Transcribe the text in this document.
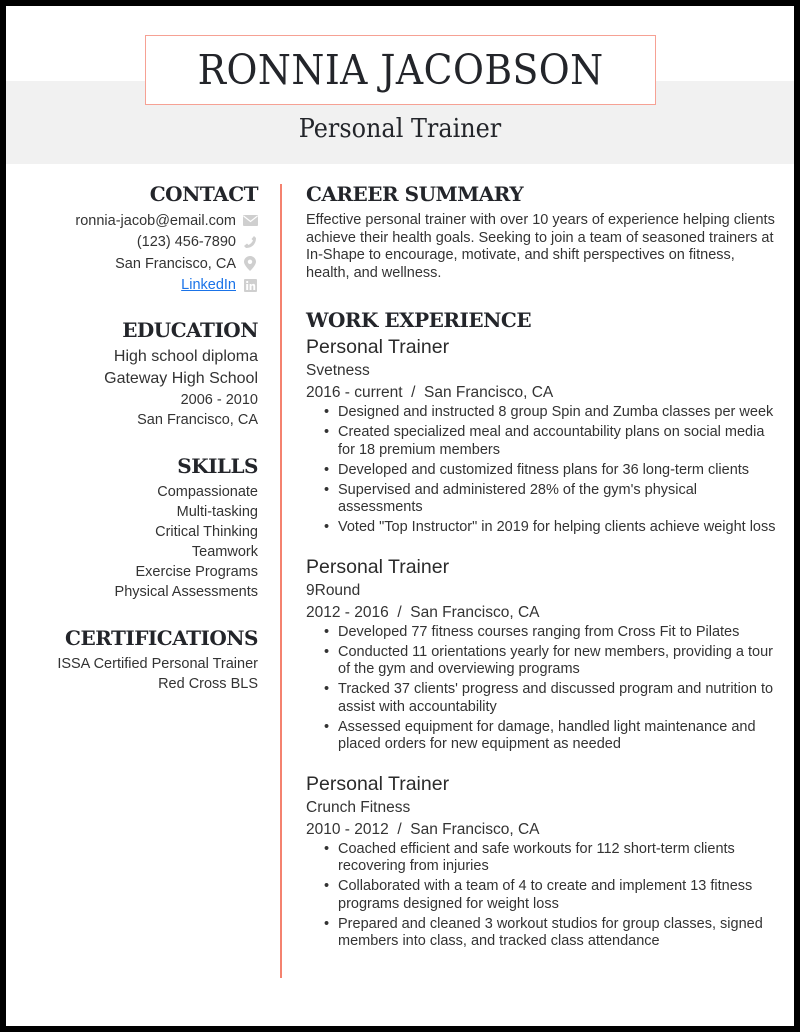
RONNIA JACOBSON
Personal Trainer
CONTACT
ronnia-jacob@email.com
(123) 456-7890
San Francisco, CA
LinkedIn
EDUCATION
High school diploma
Gateway High School
2006 - 2010
San Francisco, CA
SKILLS
Compassionate
Multi-tasking
Critical Thinking
Teamwork
Exercise Programs
Physical Assessments
CERTIFICATIONS
ISSA Certified Personal Trainer
Red Cross BLS
CAREER SUMMARY

Effective personal trainer with over 10 years of experience helping clients achieve their health goals. Seeking to join a team of seasoned trainers at In-Shape to encourage, motivate, and shift perspectives on fitness, health, and wellness.

WORK EXPERIENCE
Personal Trainer
Svetness
2016 - current  /  San Francisco, CA
• Designed and instructed 8 group Spin and Zumba classes per week
• Created specialized meal and accountability plans on social media for 18 premium members
• Developed and customized fitness plans for 36 long-term clients
• Supervised and administered 28% of the gym's physical assessments
• Voted "Top Instructor" in 2019 for helping clients achieve weight loss
Personal Trainer
9Round
2012 - 2016  /  San Francisco, CA
• Developed 77 fitness courses ranging from Cross Fit to Pilates
• Conducted 11 orientations yearly for new members, providing a tour of the gym and overviewing programs
• Tracked 37 clients' progress and discussed program and nutrition to assist with accountability
• Assessed equipment for damage, handled light maintenance and placed orders for new equipment as needed
Personal Trainer
Crunch Fitness
2010 - 2012  /  San Francisco, CA
• Coached efficient and safe workouts for 112 short-term clients recovering from injuries
• Collaborated with a team of 4 to create and implement 13 fitness programs designed for weight loss
• Prepared and cleaned 3 workout studios for group classes, signed members into class, and tracked class attendance
